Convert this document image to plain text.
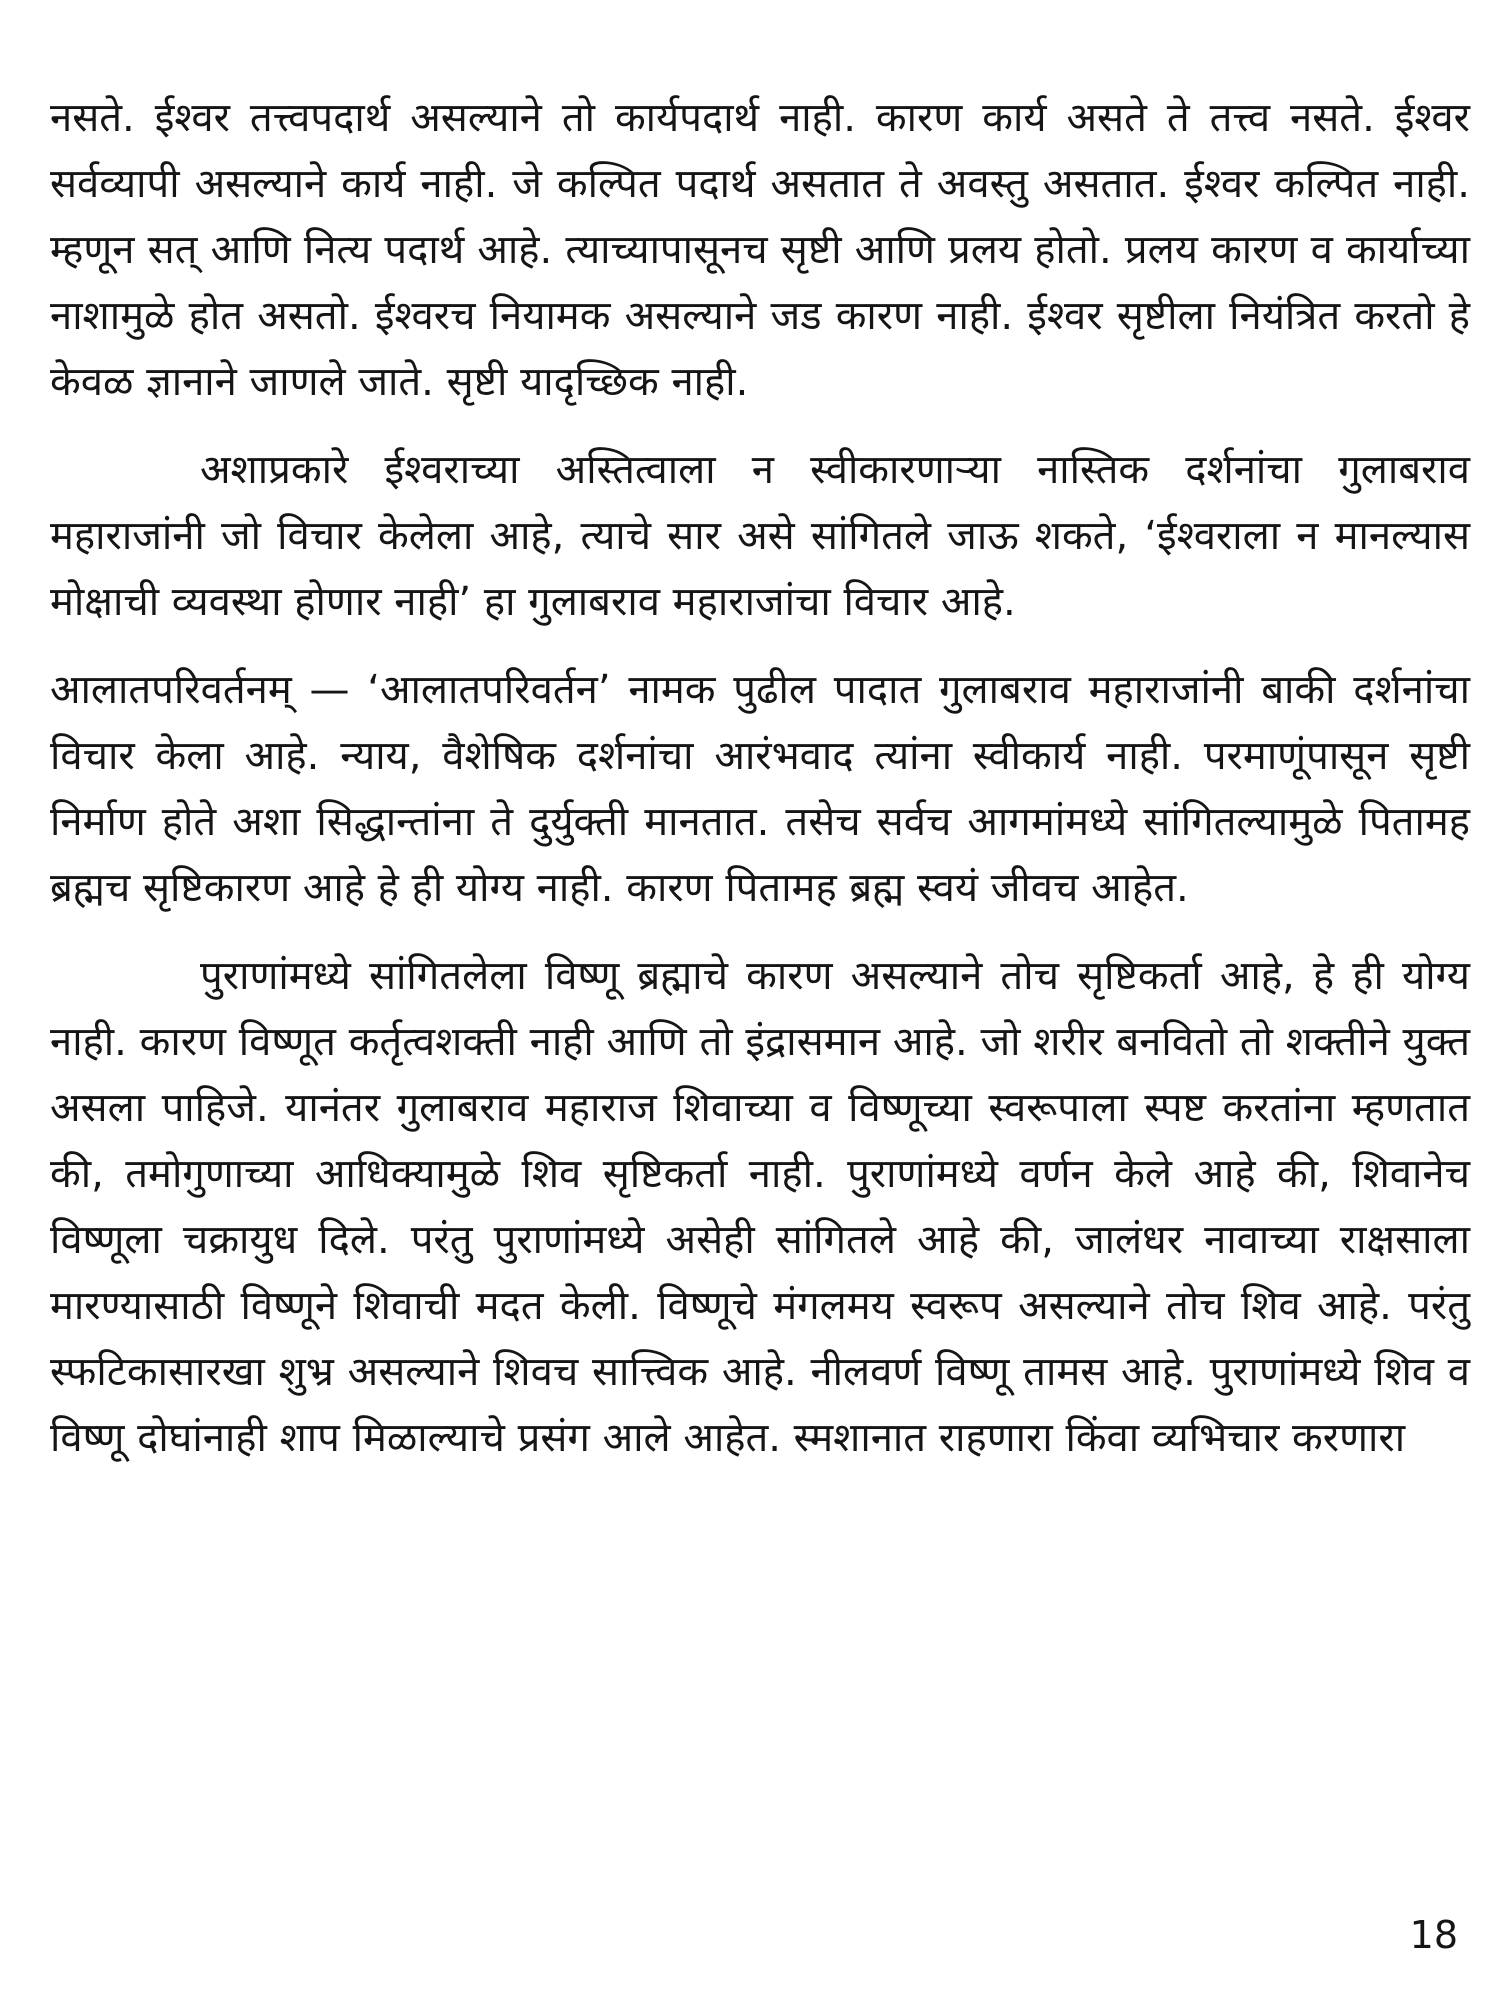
नसते. ईश्वर तत्त्वपदार्थ असल्याने तो कार्यपदार्थ नाही. कारण कार्य असते ते तत्त्व नसते. ईश्वर सर्वव्यापी असल्याने कार्य नाही. जे कल्पित पदार्थ असतात ते अवस्तु असतात. ईश्वर कल्पित नाही. म्हणून सत् आणि नित्य पदार्थ आहे. त्याच्यापासूनच सृष्टी आणि प्रलय होतो. प्रलय कारण व कार्याच्या नाशामुळे होत असतो. ईश्वरच नियामक असल्याने जड कारण नाही. ईश्वर सृष्टीला नियंत्रित करतो हे केवळ ज्ञानाने जाणले जाते. सृष्टी यादृच्छिक नाही.

अशाप्रकारे ईश्वराच्या अस्तित्वाला न स्वीकारणाऱ्या नास्तिक दर्शनांचा गुलाबराव महाराजांनी जो विचार केलेला आहे, त्याचे सार असे सांगितले जाऊ शकते, ‘ईश्वराला न मानल्यास मोक्षाची व्यवस्था होणार नाही’ हा गुलाबराव महाराजांचा विचार आहे.

आलातपरिवर्तनम् — ‘आलातपरिवर्तन’ नामक पुढील पादात गुलाबराव महाराजांनी बाकी दर्शनांचा विचार केला आहे. न्याय, वैशेषिक दर्शनांचा आरंभवाद त्यांना स्वीकार्य नाही. परमाणूंपासून सृष्टी निर्माण होते अशा सिद्धान्तांना ते दुर्युक्ती मानतात. तसेच सर्वच आगमांमध्ये सांगितल्यामुळे पितामह ब्रह्मच सृष्टिकारण आहे हे ही योग्य नाही. कारण पितामह ब्रह्म स्वयं जीवच आहेत.

पुराणांमध्ये सांगितलेला विष्णू ब्रह्माचे कारण असल्याने तोच सृष्टिकर्ता आहे, हे ही योग्य नाही. कारण विष्णूत कर्तृत्वशक्ती नाही आणि तो इंद्रासमान आहे. जो शरीर बनवितो तो शक्तीने युक्त असला पाहिजे. यानंतर गुलाबराव महाराज शिवाच्या व विष्णूच्या स्वरूपाला स्पष्ट करतांना म्हणतात की, तमोगुणाच्या आधिक्यामुळे शिव सृष्टिकर्ता नाही. पुराणांमध्ये वर्णन केले आहे की, शिवानेच विष्णूला चक्रायुध दिले. परंतु पुराणांमध्ये असेही सांगितले आहे की, जालंधर नावाच्या राक्षसाला मारण्यासाठी विष्णूने शिवाची मदत केली. विष्णूचे मंगलमय स्वरूप असल्याने तोच शिव आहे. परंतु स्फटिकासारखा शुभ्र असल्याने शिवच सात्त्विक आहे. नीलवर्ण विष्णू तामस आहे. पुराणांमध्ये शिव व विष्णू दोघांनाही शाप मिळाल्याचे प्रसंग आले आहेत. स्मशानात राहणारा किंवा व्यभिचार करणारा

18
